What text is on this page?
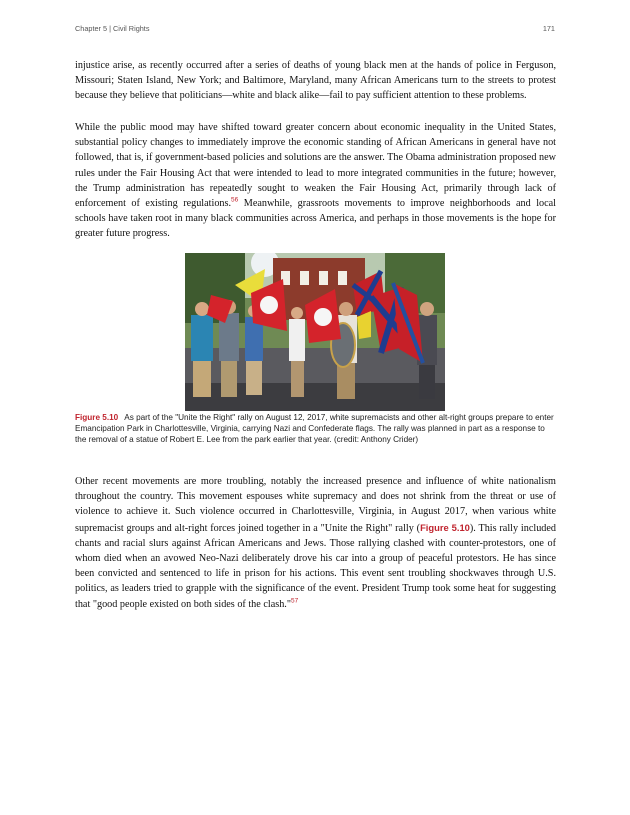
Chapter 5 | Civil Rights	171

injustice arise, as recently occurred after a series of deaths of young black men at the hands of police in Ferguson, Missouri; Staten Island, New York; and Baltimore, Maryland, many African Americans turn to the streets to protest because they believe that politicians—white and black alike—fail to pay sufficient attention to these problems.

While the public mood may have shifted toward greater concern about economic inequality in the United States, substantial policy changes to immediately improve the economic standing of African Americans in general have not followed, that is, if government-based policies and solutions are the answer. The Obama administration proposed new rules under the Fair Housing Act that were intended to lead to more integrated communities in the future; however, the Trump administration has repeatedly sought to weaken the Fair Housing Act, primarily through lack of enforcement of existing regulations.$^{56}$ Meanwhile, grassroots movements to improve neighborhoods and local schools have taken root in many black communities across America, and perhaps in those movements is the hope for greater future progress.

Figure 5.10 As part of the "Unite the Right" rally on August 12, 2017, white supremacists and other alt-right groups prepare to enter Emancipation Park in Charlottesville, Virginia, carrying Nazi and Confederate flags. The rally was planned in part as a response to the removal of a statue of Robert E. Lee from the park earlier that year. (credit: Anthony Crider)

Other recent movements are more troubling, notably the increased presence and influence of white nationalism throughout the country. This movement espouses white supremacy and does not shrink from the threat or use of violence to achieve it. Such violence occurred in Charlottesville, Virginia, in August 2017, when various white supremacist groups and alt-right forces joined together in a "Unite the Right" rally (Figure 5.10). This rally included chants and racial slurs against African Americans and Jews. Those rallying clashed with counter-protestors, one of whom died when an avowed Neo-Nazi deliberately drove his car into a group of peaceful protestors. He has since been convicted and sentenced to life in prison for his actions. This event sent troubling shockwaves through U.S. politics, as leaders tried to grapple with the significance of the event. President Trump took some heat for suggesting that "good people existed on both sides of the clash."$^{57}$
